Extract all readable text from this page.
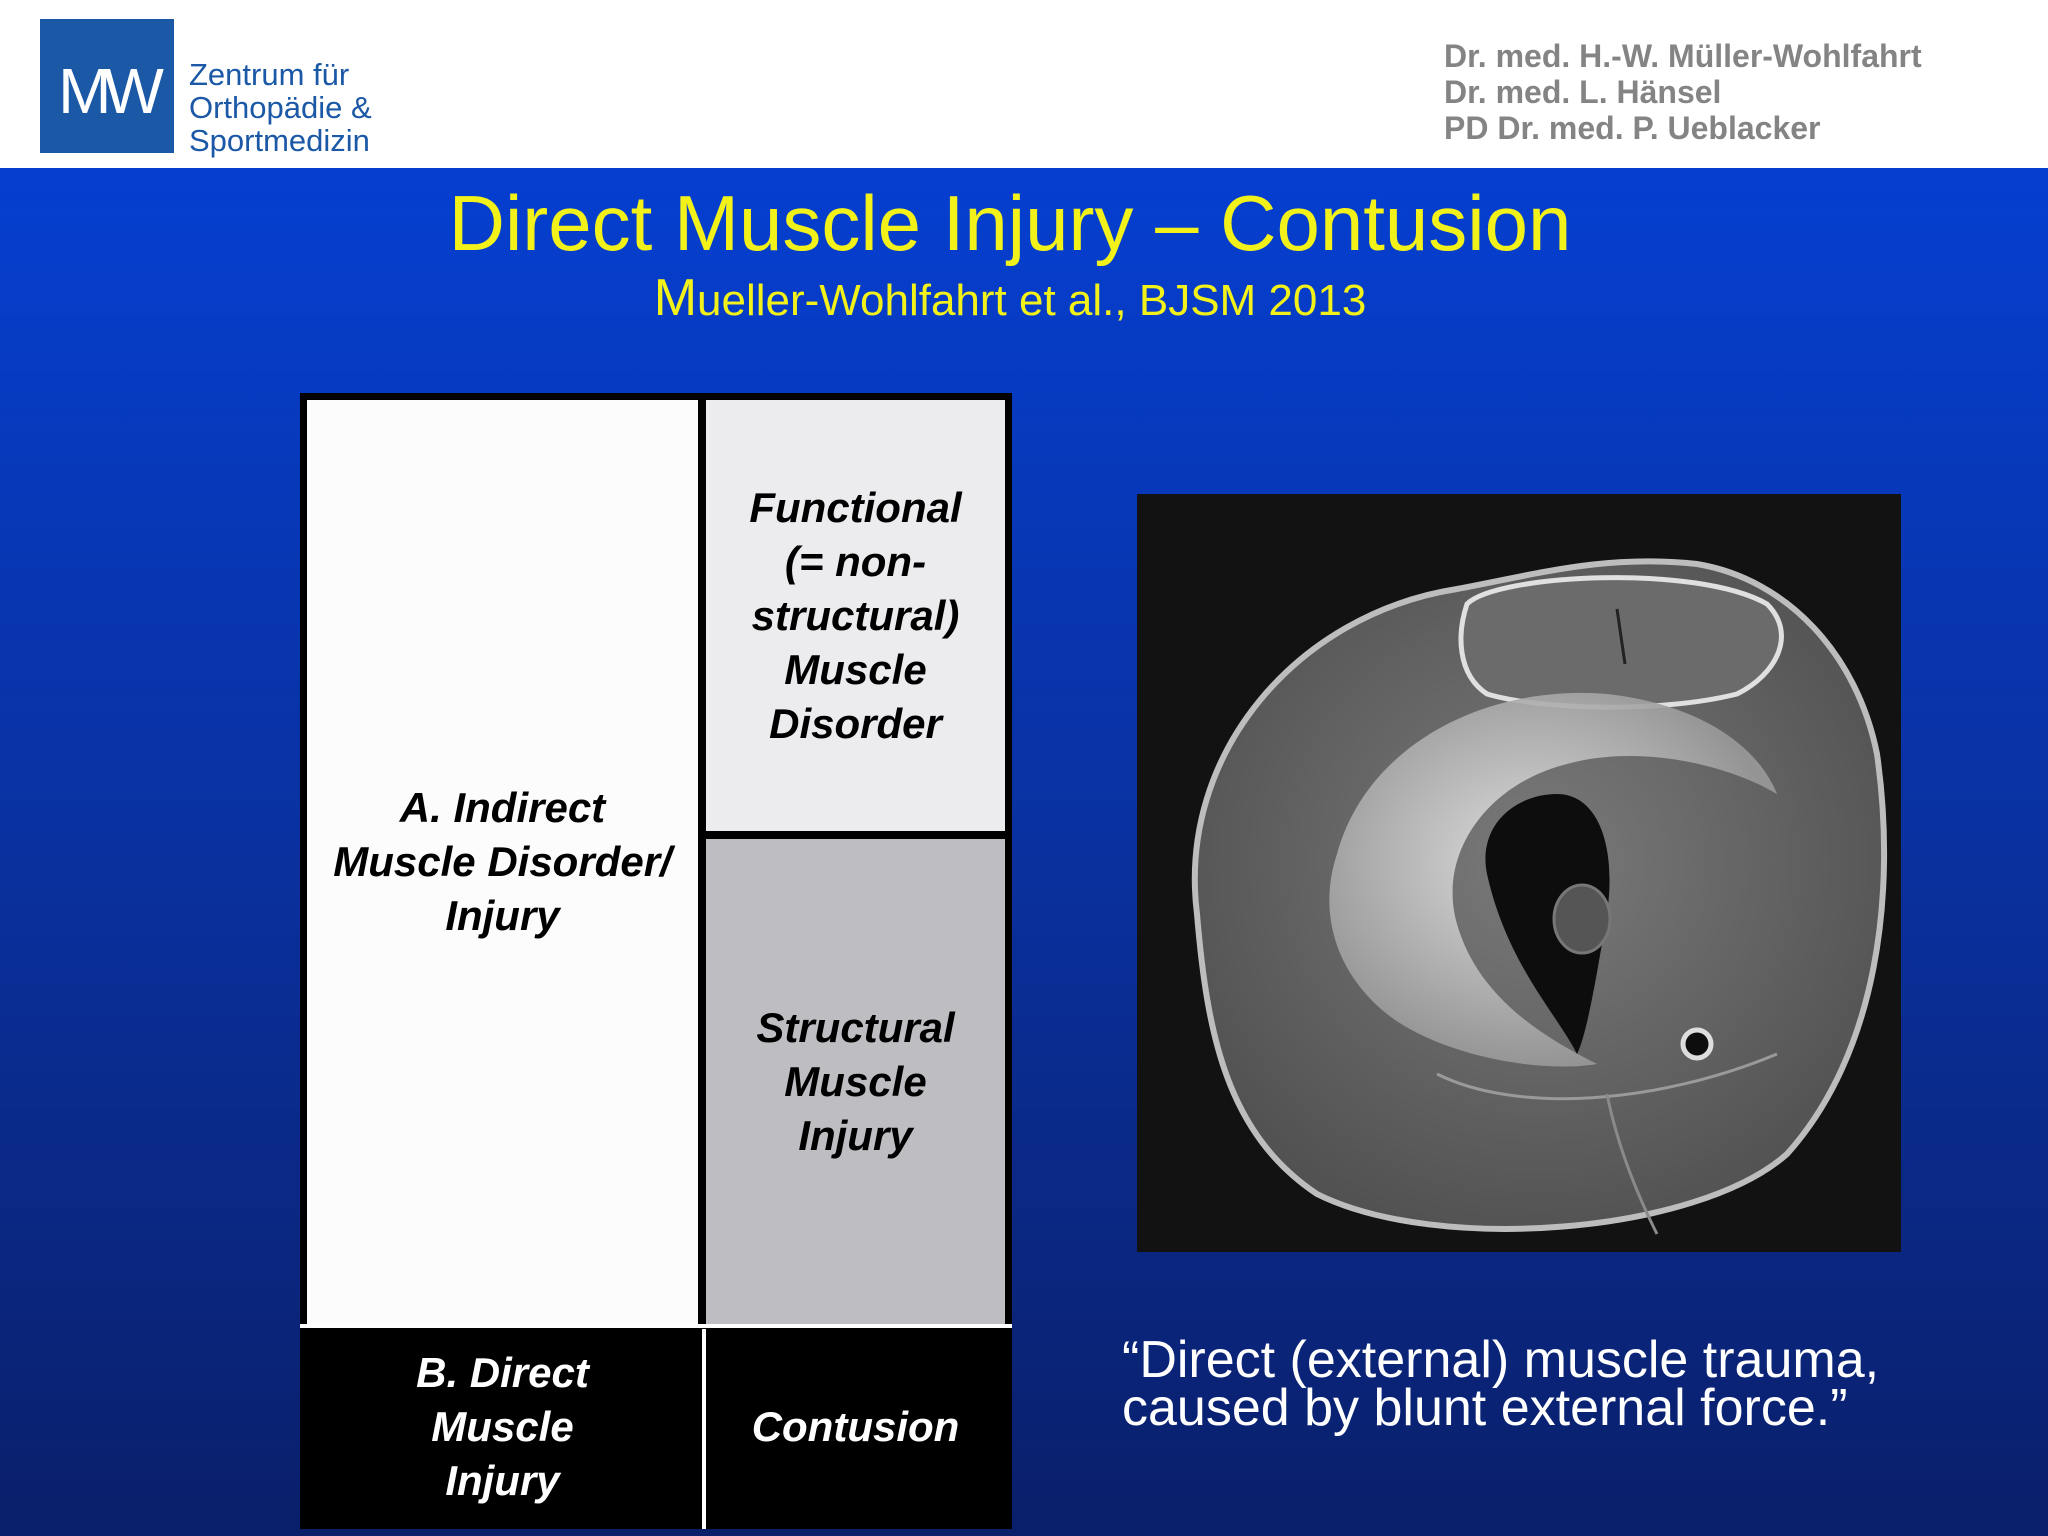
MW	Zentrum für
Orthopädie &
Sportmedizin
Dr. med. H.-W. Müller-Wohlfahrt
Dr. med. L. Hänsel
PD Dr. med. P. Ueblacker
Direct Muscle Injury – Contusion
Mueller-Wohlfahrt et al., BJSM 2013
A. Indirect
Muscle Disorder/
Injury
Functional
(= non-
structural)
Muscle
Disorder
Structural
Muscle
Injury
B. Direct
Muscle
Injury
Contusion
“Direct (external) muscle trauma,
caused by blunt external force.”
